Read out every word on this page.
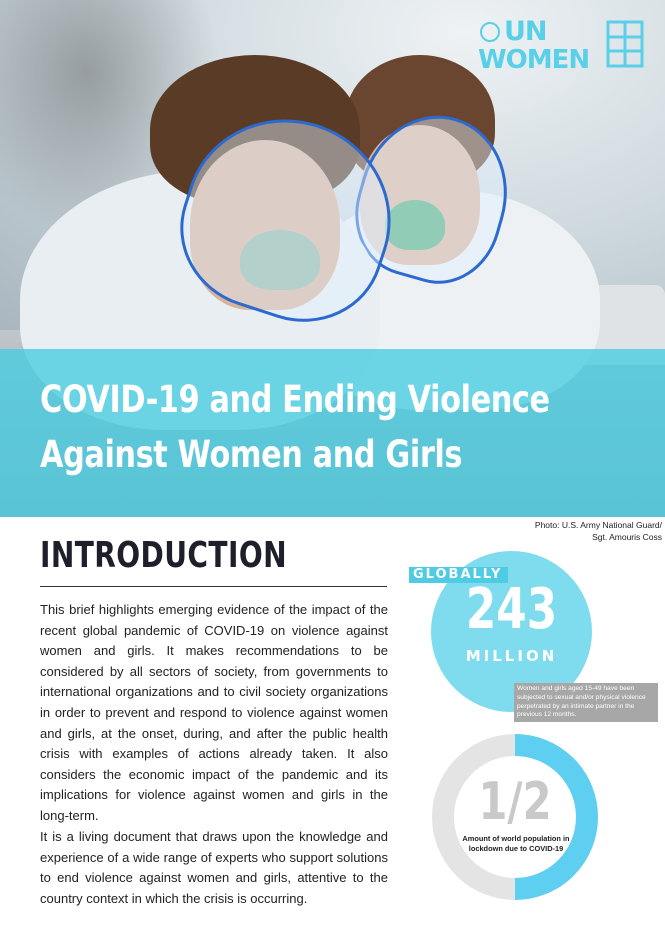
COVID-19 and Ending Violence
Against Women and Girls
UN
WOMEN
Photo: U.S. Army National Guard/
Sgt. Amouris Coss
INTRODUCTION

This brief highlights emerging evidence of the impact of the recent global pandemic of COVID-19 on violence against women and girls. It makes recommendations to be considered by all sectors of society, from governments to international organizations and to civil society organizations in order to prevent and respond to violence against women and girls, at the onset, during, and after the public health crisis with examples of actions already taken. It also considers the economic impact of the pandemic and its implications for violence against women and girls in the long-term.

It is a living document that draws upon the knowledge and experience of a wide range of experts who support solutions to end violence against women and girls, attentive to the country context in which the crisis is occurring.

GLOBALLY
243
MILLION
Women and girls aged 15-49 have been subjected to sexual and/or physical violence perpetrated by an intimate partner in the previous 12 months.
1/2
Amount of world population in lockdown due to COVID-19
